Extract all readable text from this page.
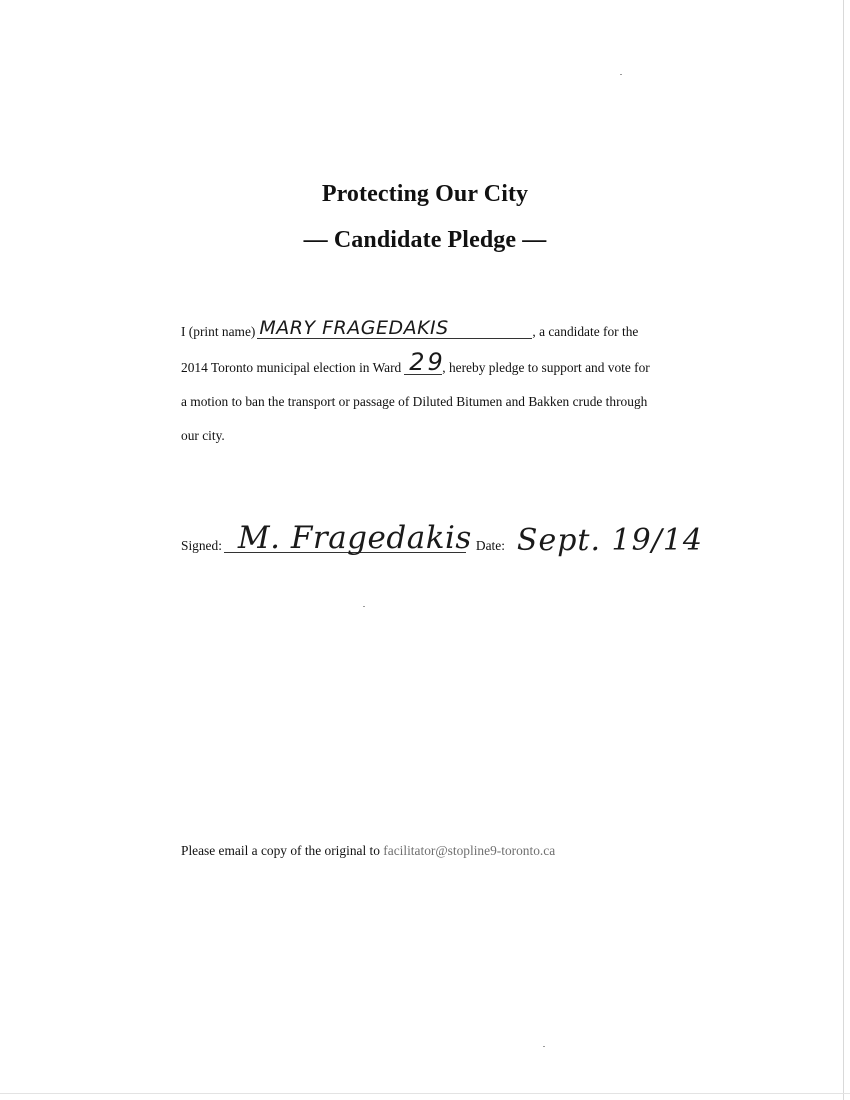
Protecting Our City
— Candidate Pledge —
I (print name) MARY FRAGEDAKIS	, a candidate for the
2014 Toronto municipal election in Ward 29
, hereby pledge to support and vote for
a motion to ban the transport or passage of Diluted Bitumen and Bakken crude through
our city.
Signed: M. Fragedakis Date: Sept. 19/14
Please email a copy of the original to facilitator@stopline9-toronto.ca
